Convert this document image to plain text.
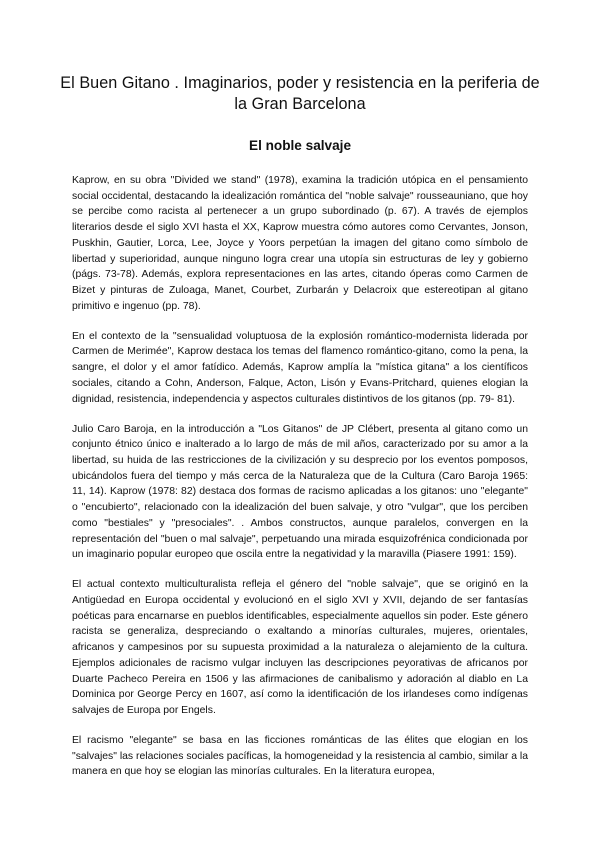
El Buen Gitano . Imaginarios, poder y resistencia en la periferia de la Gran Barcelona
El noble salvaje

Kaprow, en su obra "Divided we stand" (1978), examina la tradición utópica en el pensamiento social occidental, destacando la idealización romántica del "noble salvaje" rousseauniano, que hoy se percibe como racista al pertenecer a un grupo subordinado (p. 67). A través de ejemplos literarios desde el siglo XVI hasta el XX, Kaprow muestra cómo autores como Cervantes, Jonson, Puskhin, Gautier, Lorca, Lee, Joyce y Yoors perpetúan la imagen del gitano como símbolo de libertad y superioridad, aunque ninguno logra crear una utopía sin estructuras de ley y gobierno (págs. 73-78). Además, explora representaciones en las artes, citando óperas como Carmen de Bizet y pinturas de Zuloaga, Manet, Courbet, Zurbarán y Delacroix que estereotipan al gitano primitivo e ingenuo (pp. 78).

En el contexto de la "sensualidad voluptuosa de la explosión romántico-modernista liderada por Carmen de Merimée", Kaprow destaca los temas del flamenco romántico-gitano, como la pena, la sangre, el dolor y el amor fatídico. Además, Kaprow amplía la "mística gitana" a los científicos sociales, citando a Cohn, Anderson, Falque, Acton, Lisón y Evans-Pritchard, quienes elogian la dignidad, resistencia, independencia y aspectos culturales distintivos de los gitanos (pp. 79- 81).

Julio Caro Baroja, en la introducción a "Los Gitanos" de JP Clébert, presenta al gitano como un conjunto étnico único e inalterado a lo largo de más de mil años, caracterizado por su amor a la libertad, su huida de las restricciones de la civilización y su desprecio por los eventos pomposos, ubicándolos fuera del tiempo y más cerca de la Naturaleza que de la Cultura (Caro Baroja 1965: 11, 14). Kaprow (1978: 82) destaca dos formas de racismo aplicadas a los gitanos: uno "elegante" o "encubierto", relacionado con la idealización del buen salvaje, y otro "vulgar", que los perciben como "bestiales" y "presociales". . Ambos constructos, aunque paralelos, convergen en la representación del "buen o mal salvaje", perpetuando una mirada esquizofrénica condicionada por un imaginario popular europeo que oscila entre la negatividad y la maravilla (Piasere 1991: 159).

El actual contexto multiculturalista refleja el género del "noble salvaje", que se originó en la Antigüedad en Europa occidental y evolucionó en el siglo XVI y XVII, dejando de ser fantasías poéticas para encarnarse en pueblos identificables, especialmente aquellos sin poder. Este género racista se generaliza, despreciando o exaltando a minorías culturales, mujeres, orientales, africanos y campesinos por su supuesta proximidad a la naturaleza o alejamiento de la cultura. Ejemplos adicionales de racismo vulgar incluyen las descripciones peyorativas de africanos por Duarte Pacheco Pereira en 1506 y las afirmaciones de canibalismo y adoración al diablo en La Dominica por George Percy en 1607, así como la identificación de los irlandeses como indígenas salvajes de Europa por Engels.

El racismo "elegante" se basa en las ficciones románticas de las élites que elogian en los "salvajes" las relaciones sociales pacíficas, la homogeneidad y la resistencia al cambio, similar a la manera en que hoy se elogian las minorías culturales. En la literatura europea,
